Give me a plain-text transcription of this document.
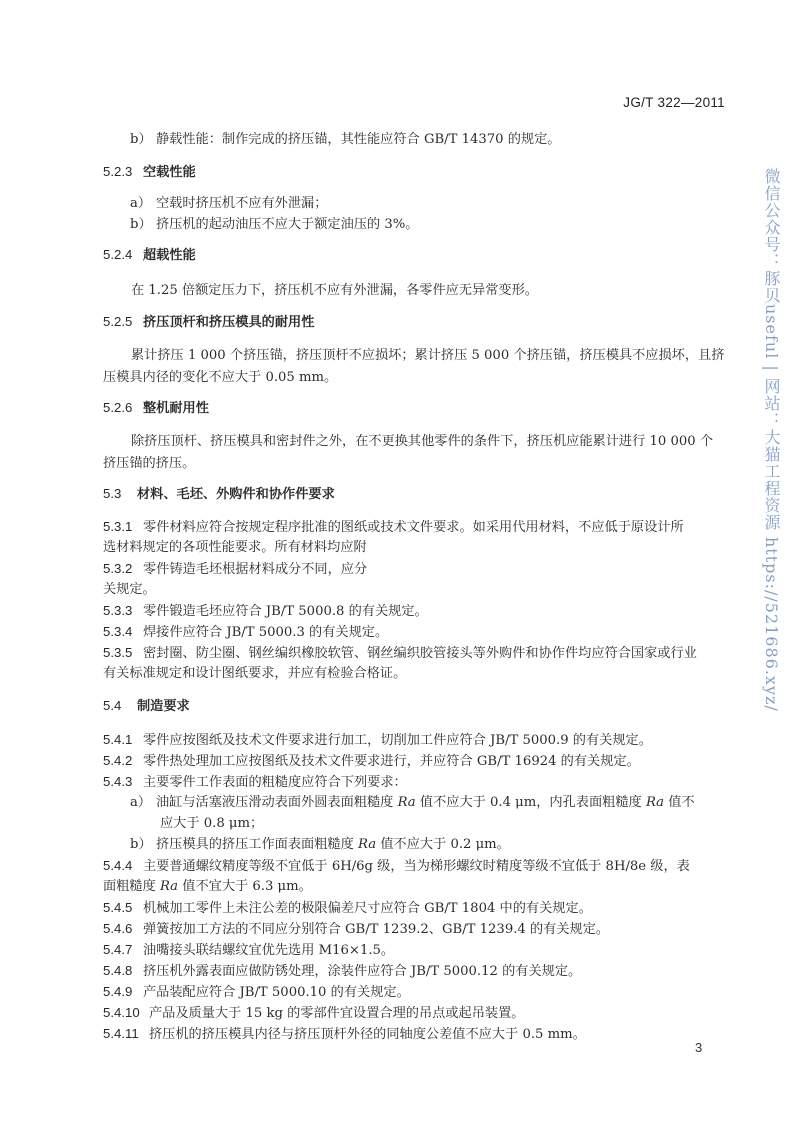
JG/T 322—2011
b） 静载性能：制作完成的挤压锚，其性能应符合 GB/T 14370 的规定。
5.2.3 空载性能
a） 空载时挤压机不应有外泄漏；
b） 挤压机的起动油压不应大于额定油压的 3%。
5.2.4 超载性能
在 1.25 倍额定压力下，挤压机不应有外泄漏，各零件应无异常变形。
5.2.5 挤压顶杆和挤压模具的耐用性
累计挤压 1 000 个挤压锚，挤压顶杆不应损坏；累计挤压 5 000 个挤压锚，挤压模具不应损坏，且挤
压模具内径的变化不应大于 0.05 mm。
5.2.6 整机耐用性
除挤压顶杆、挤压模具和密封件之外，在不更换其他零件的条件下，挤压机应能累计进行 10 000 个
挤压锚的挤压。
5.3 材料、毛坯、外购件和协作件要求
5.3.1 零件材料应符合按规定程序批准的图纸或技术文件要求。如采用代用材料，不应低于原设计所
选材料规定的各项性能要求。所有材料均应附
5.3.2 零件铸造毛坯根据材料成分不同，应分
关规定。
5.3.3 零件锻造毛坯应符合 JB/T 5000.8 的有关规定。
5.3.4 焊接件应符合 JB/T 5000.3 的有关规定。
5.3.5 密封圈、防尘圈、钢丝编织橡胶软管、钢丝编织胶管接头等外购件和协作件均应符合国家或行业
有关标准规定和设计图纸要求，并应有检验合格证。
5.4 制造要求
5.4.1 零件应按图纸及技术文件要求进行加工，切削加工件应符合 JB/T 5000.9 的有关规定。
5.4.2 零件热处理加工应按图纸及技术文件要求进行，并应符合 GB/T 16924 的有关规定。
5.4.3 主要零件工作表面的粗糙度应符合下列要求：
a） 油缸与活塞液压滑动表面外圆表面粗糙度 Ra 值不应大于 0.4 μm，内孔表面粗糙度 Ra 值不
应大于 0.8 μm；
b） 挤压模具的挤压工作面表面粗糙度 Ra 值不应大于 0.2 μm。
5.4.4 主要普通螺纹精度等级不宜低于 6H/6g 级，当为梯形螺纹时精度等级不宜低于 8H/8e 级，表
面粗糙度 Ra 值不宜大于 6.3 μm。
5.4.5 机械加工零件上未注公差的极限偏差尺寸应符合 GB/T 1804 中的有关规定。
5.4.6 弹簧按加工方法的不同应分别符合 GB/T 1239.2、GB/T 1239.4 的有关规定。
5.4.7 油嘴接头联结螺纹宜优先选用 M16×1.5。
5.4.8 挤压机外露表面应做防锈处理，涂装件应符合 JB/T 5000.12 的有关规定。
5.4.9 产品装配应符合 JB/T 5000.10 的有关规定。
5.4.10 产品及质量大于 15 kg 的零部件宜设置合理的吊点或起吊装置。
5.4.11 挤压机的挤压模具内径与挤压顶杆外径的同轴度公差值不应大于 0.5 mm。
3
微信公众号：豚贝useful | 网站：大猫工程资源 https://521686.xyz/
